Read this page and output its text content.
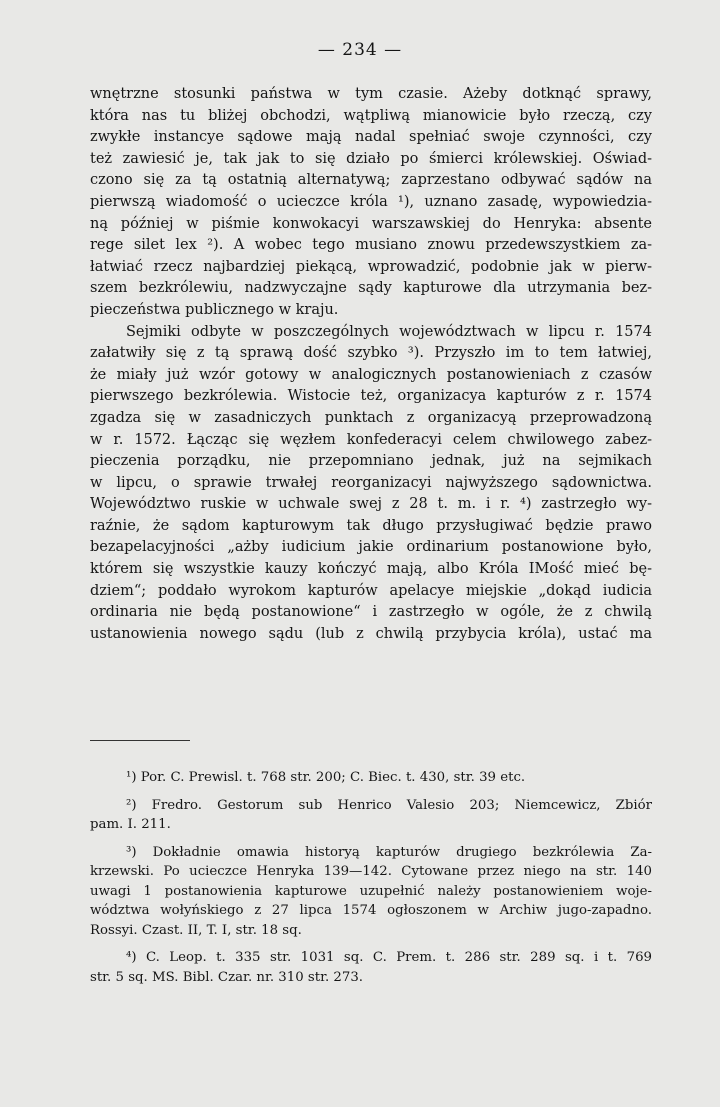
— 234 —

wnętrzne stosunki państwa w tym czasie. Ażeby dotknąć sprawy,
która nas tu bliżej obchodzi, wątpliwą mianowicie było rzeczą, czy
zwykłe instancye sądowe mają nadal spełniać swoje czynności, czy
też zawiesić je, tak jak to się działo po śmierci królewskiej. Oświad-
czono się za tą ostatnią alternatywą; zaprzestano odbywać sądów na
pierwszą wiadomość o ucieczce króla ¹), uznano zasadę, wypowiedzia-
ną później w piśmie konwokacyi warszawskiej do Henryka: absente
rege silet lex ²). A wobec tego musiano znowu przedewszystkiem za-
łatwiać rzecz najbardziej piekącą, wprowadzić, podobnie jak w pierw-
szem bezkrólewiu, nadzwyczajne sądy kapturowe dla utrzymania bez-
pieczeństwa publicznego w kraju.

Sejmiki odbyte w poszczególnych województwach w lipcu r. 1574
załatwiły się z tą sprawą dość szybko ³). Przyszło im to tem łatwiej,
że miały już wzór gotowy w analogicznych postanowieniach z czasów
pierwszego bezkrólewia. Wistocie też, organizacya kapturów z r. 1574
zgadza się w zasadniczych punktach z organizacyą przeprowadzoną
w r. 1572. Łącząc się węzłem konfederacyi celem chwilowego zabez-
pieczenia porządku, nie przepomniano jednak, już na sejmikach
w lipcu, o sprawie trwałej reorganizacyi najwyższego sądownictwa.
Województwo ruskie w uchwale swej z 28 t. m. i r. ⁴) zastrzegło wy-
raźnie, że sądom kapturowym tak długo przysługiwać będzie prawo
bezapelacyjności „ażby iudicium jakie ordinarium postanowione było,
którem się wszystkie kauzy kończyć mają, albo Króla IMość mieć bę-
dziem“; poddało wyrokom kapturów apelacye miejskie „dokąd iudicia
ordinaria nie będą postanowione“ i zastrzegło w ogóle, że z chwilą
ustanowienia nowego sądu (lub z chwilą przybycia króla), ustać ma

¹) Por. C. Prewisl. t. 768 str. 200; C. Biec. t. 430, str. 39 etc.

²) Fredro. Gestorum sub Henrico Valesio 203; Niemcewicz, Zbiór
pam. I. 211.

³) Dokładnie omawia historyą kapturów drugiego bezkrólewia Za-
krzewski. Po ucieczce Henryka 139—142. Cytowane przez niego na str. 140
uwagi 1 postanowienia kapturowe uzupełnić należy postanowieniem woje-
wództwa wołyńskiego z 27 lipca 1574 ogłoszonem w Archiw jugo-zapadno.
Rossyi. Czast. II, T. I, str. 18 sq.

⁴) C. Leop. t. 335 str. 1031 sq. C. Prem. t. 286 str. 289 sq. i t. 769
str. 5 sq. MS. Bibl. Czar. nr. 310 str. 273.
